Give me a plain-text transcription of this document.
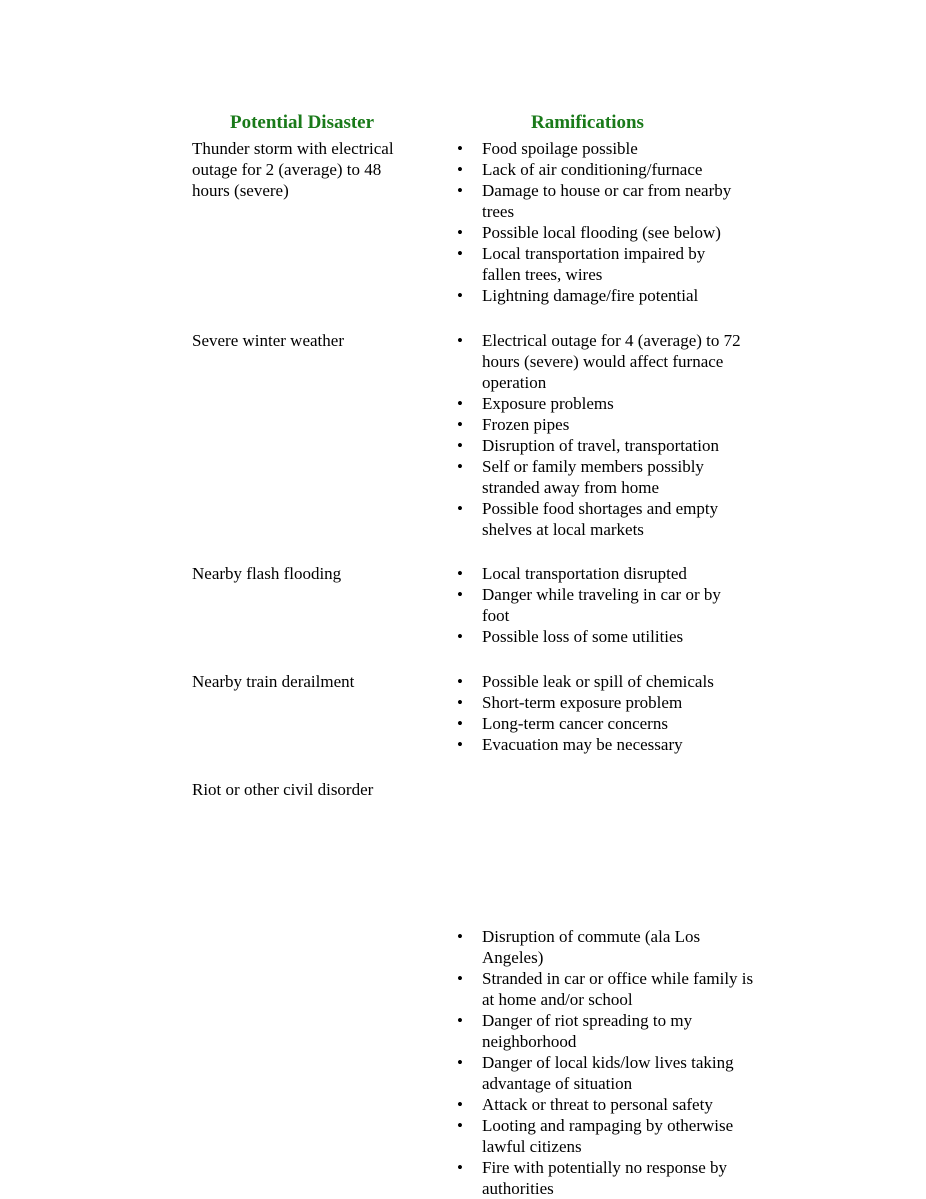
Potential Disaster	Ramifications
Thunder storm with electrical outage for 2 (average) to 48 hours (severe)
• Food spoilage possible
• Lack of air conditioning/furnace
• Damage to house or car from nearby trees
• Possible local flooding (see below)
• Local transportation impaired by fallen trees, wires
• Lightning damage/fire potential
Severe winter weather	• Electrical outage for 4 (average) to 72 hours (severe) would affect furnace operation
• Exposure problems
• Frozen pipes
• Disruption of travel, transportation
• Self or family members possibly stranded away from home
• Possible food shortages and empty shelves at local markets
Nearby flash flooding	• Local transportation disrupted
• Danger while traveling in car or by foot
• Possible loss of some utilities
Nearby train derailment	• Possible leak or spill of chemicals
• Short-term exposure problem
• Long-term cancer concerns
• Evacuation may be necessary
Riot or other civil disorder
• Disruption of commute (ala Los Angeles)
• Stranded in car or office while family is at home and/or school
• Danger of riot spreading to my neighborhood
• Danger of local kids/low lives taking advantage of situation
• Attack or threat to personal safety
• Looting and rampaging by otherwise lawful citizens
• Fire with potentially no response by authorities
